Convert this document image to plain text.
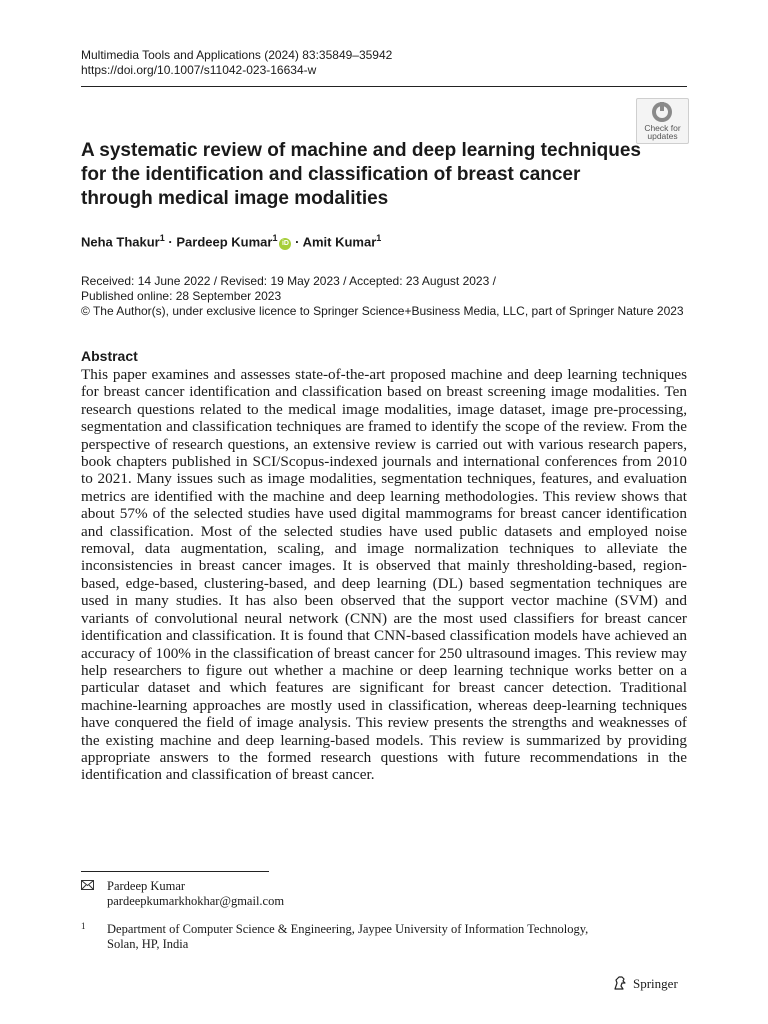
Multimedia Tools and Applications (2024) 83:35849–35942
https://doi.org/10.1007/s11042-023-16634-w
Check for
updates
A systematic review of machine and deep learning techniques for the identification and classification of breast cancer through medical image modalities
Neha Thakur$^1$ · Pardeep Kumar$^1$iD · Amit Kumar$^1$
Received: 14 June 2022 / Revised: 19 May 2023 / Accepted: 23 August 2023 /
Published online: 28 September 2023
© The Author(s), under exclusive licence to Springer Science+Business Media, LLC, part of Springer Nature 2023
Abstract

This paper examines and assesses state-of-the-art proposed machine and deep learning techniques for breast cancer identification and classification based on breast screening image modalities. Ten research questions related to the medical image modalities, image dataset, image pre-processing, segmentation and classification techniques are framed to identify the scope of the review. From the perspective of research questions, an extensive review is carried out with various research papers, book chapters published in SCI/Scopus-indexed journals and international conferences from 2010 to 2021. Many issues such as image modalities, segmentation techniques, features, and evaluation metrics are identified with the machine and deep learning methodologies. This review shows that about 57% of the selected studies have used digital mammograms for breast cancer identification and classification. Most of the selected studies have used public datasets and employed noise removal, data augmentation, scaling, and image normalization techniques to alleviate the inconsistencies in breast cancer images. It is observed that mainly thresholding-based, region-based, edge-based, clustering-based, and deep learning (DL) based segmentation techniques are used in many studies. It has also been observed that the support vector machine (SVM) and variants of convolutional neural network (CNN) are the most used classifiers for breast cancer identification and classification. It is found that CNN-based classification models have achieved an accuracy of 100% in the classification of breast cancer for 250 ultrasound images. This review may help researchers to figure out whether a machine or deep learning technique works better on a particular dataset and which features are significant for breast cancer detection. Traditional machine-learning approaches are mostly used in classification, whereas deep-learning techniques have conquered the field of image analysis. This review presents the strengths and weaknesses of the existing machine and deep learning-based models. This review is summarized by providing appropriate answers to the formed research questions with future recommendations in the identification and classification of breast cancer.

Pardeep Kumar
pardeepkumarkhokhar@gmail.com
1 Department of Computer Science & Engineering, Jaypee University of Information Technology,
Solan, HP, India
Springer
